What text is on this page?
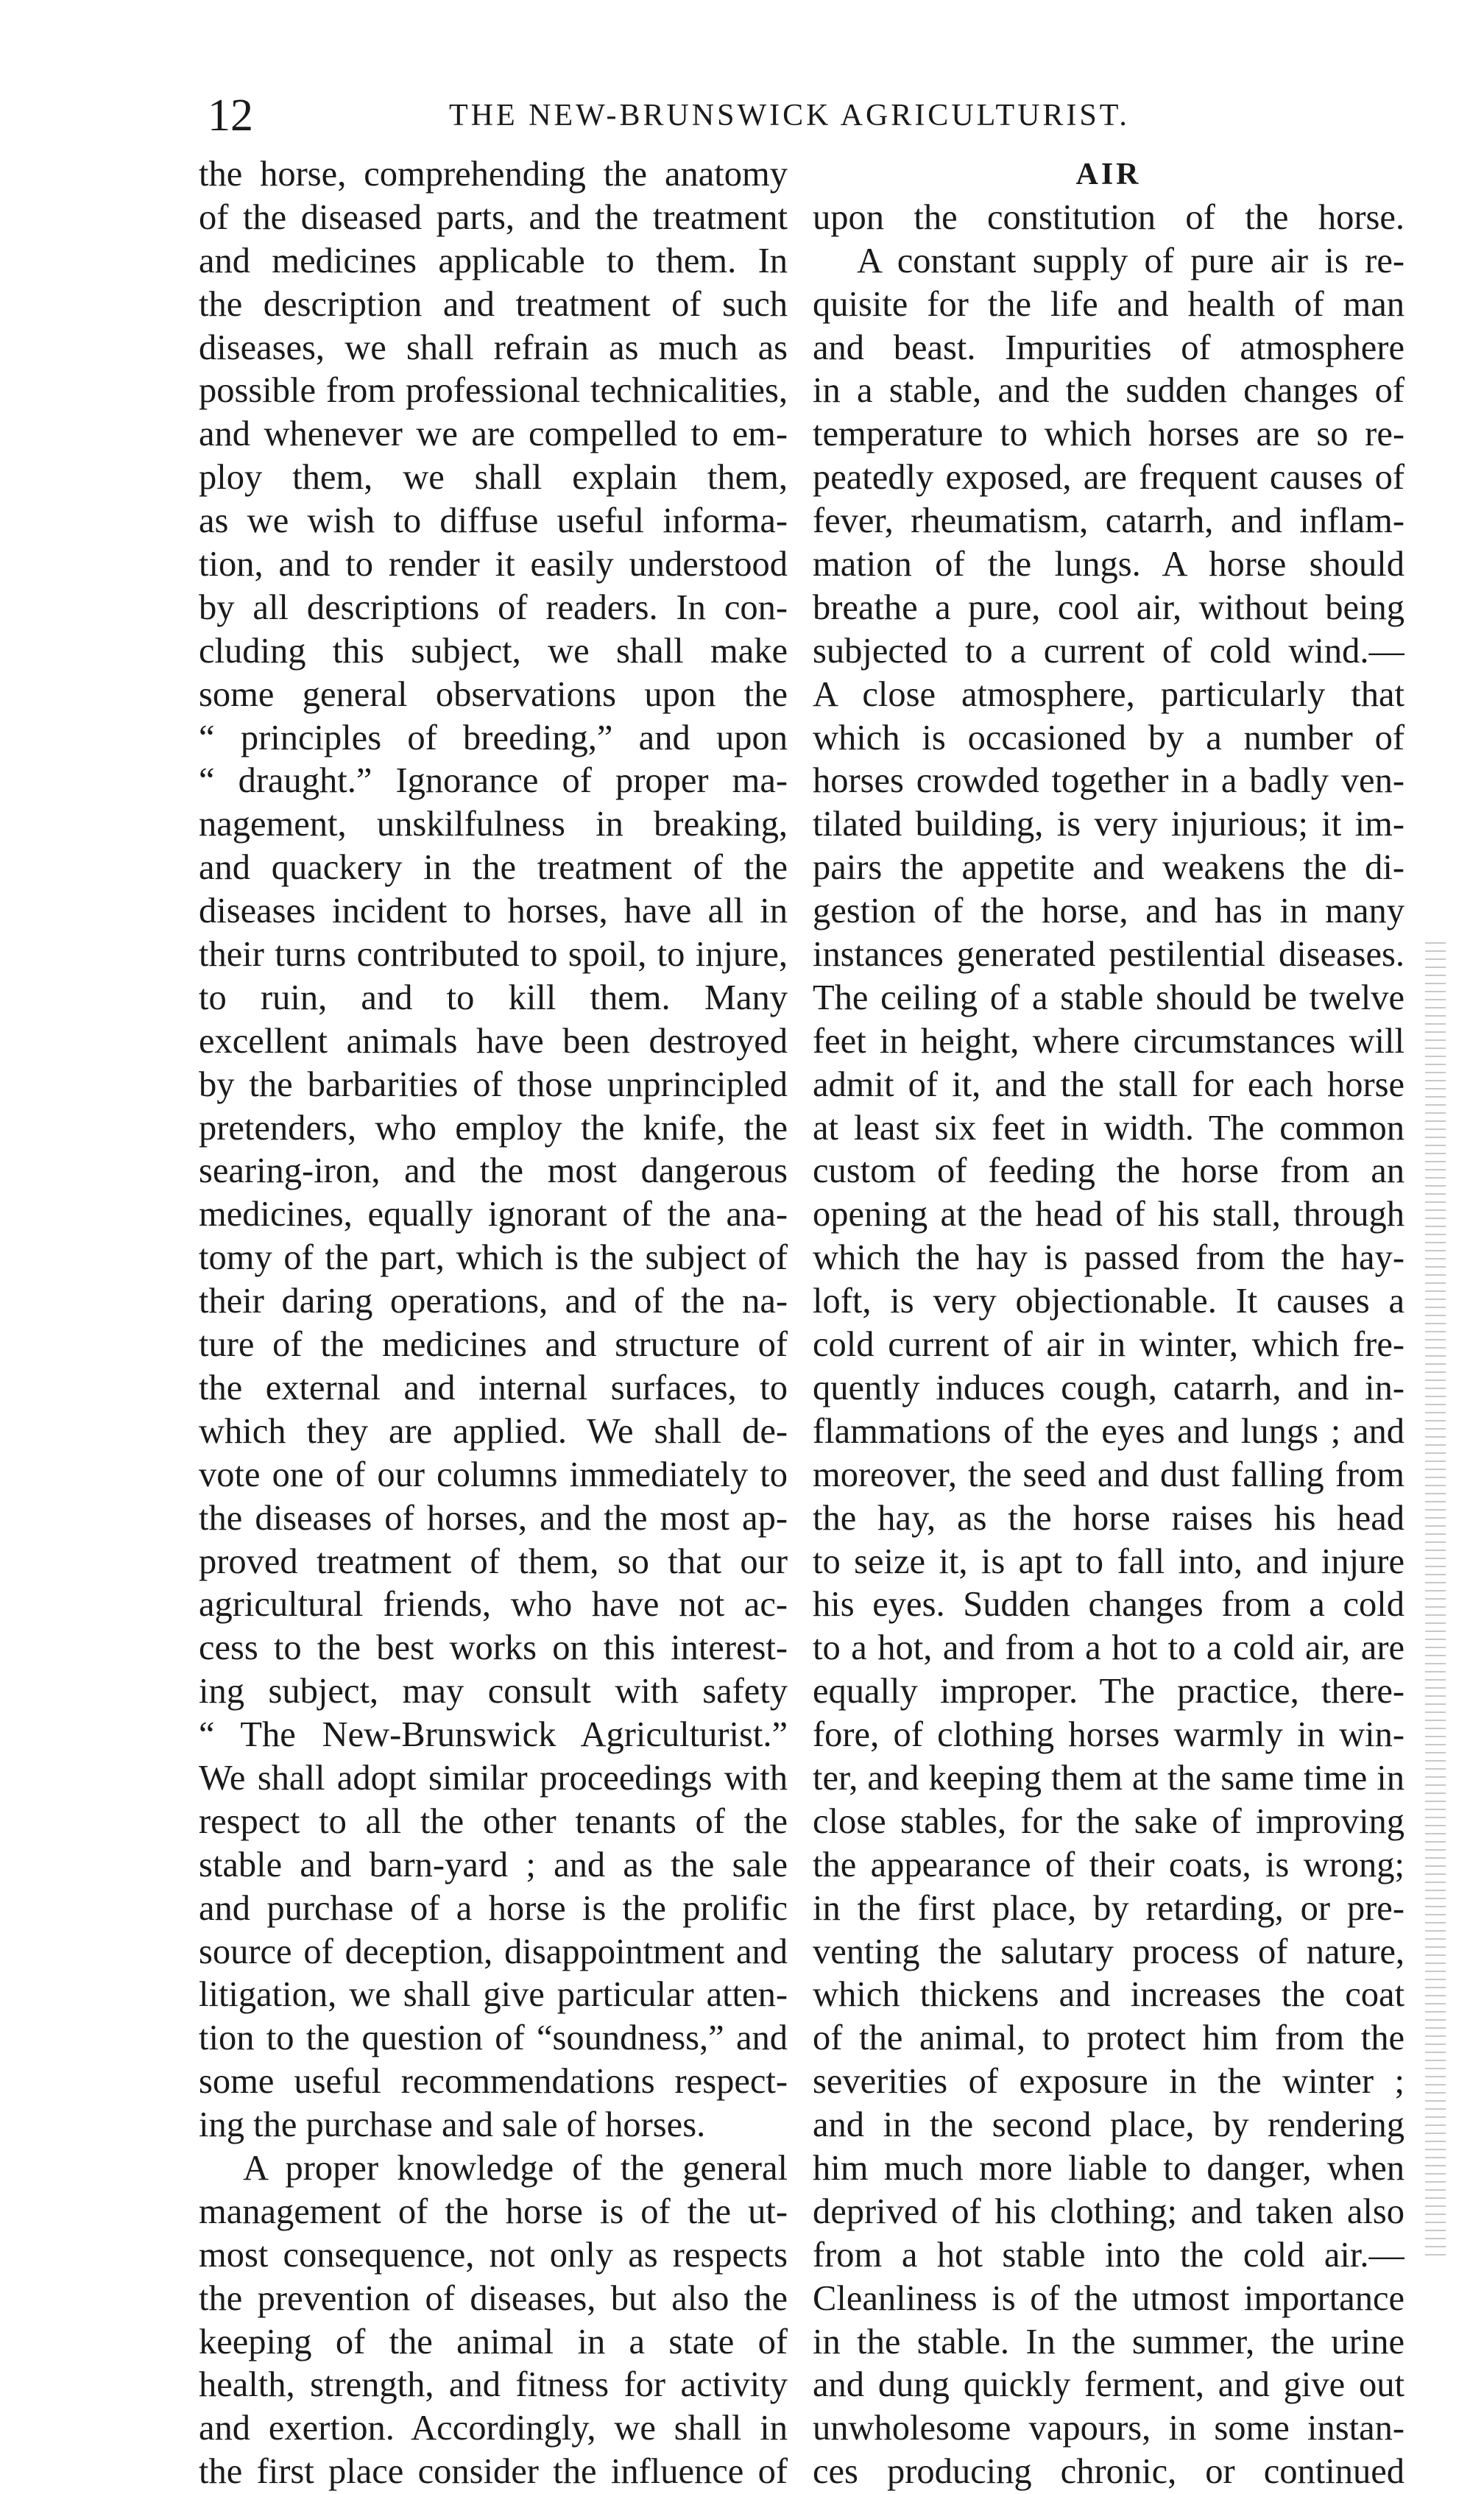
12	THE NEW-BRUNSWICK AGRICULTURIST.
the horse, comprehending the anatomy
of the diseased parts, and the treatment
and medicines applicable to them. In
the description and treatment of such
diseases, we shall refrain as much as
possible from professional technicalities,
and whenever we are compelled to em-
ploy them, we shall explain them,
as we wish to diffuse useful informa-
tion, and to render it easily understood
by all descriptions of readers. In con-
cluding this subject, we shall make
some general observations upon the
“ principles of breeding,” and upon
“ draught.” Ignorance of proper ma-
nagement, unskilfulness in breaking,
and quackery in the treatment of the
diseases incident to horses, have all in
their turns contributed to spoil, to injure,
to ruin, and to kill them. Many
excellent animals have been destroyed
by the barbarities of those unprincipled
pretenders, who employ the knife, the
searing-iron, and the most dangerous
medicines, equally ignorant of the ana-
tomy of the part, which is the subject of
their daring operations, and of the na-
ture of the medicines and structure of
the external and internal surfaces, to
which they are applied. We shall de-
vote one of our columns immediately to
the diseases of horses, and the most ap-
proved treatment of them, so that our
agricultural friends, who have not ac-
cess to the best works on this interest-
ing subject, may consult with safety
“ The New-Brunswick Agriculturist.”
We shall adopt similar proceedings with
respect to all the other tenants of the
stable and barn-yard ; and as the sale
and purchase of a horse is the prolific
source of deception, disappointment and
litigation, we shall give particular atten-
tion to the question of “soundness,” and
some useful recommendations respect-
ing the purchase and sale of horses.
A proper knowledge of the general
management of the horse is of the ut-
most consequence, not only as respects
the prevention of diseases, but also the
keeping of the animal in a state of
health, strength, and fitness for activity
and exertion. Accordingly, we shall in
the first place consider the influence of
AIR
upon the constitution of the horse.
A constant supply of pure air is re-
quisite for the life and health of man
and beast. Impurities of atmosphere
in a stable, and the sudden changes of
temperature to which horses are so re-
peatedly exposed, are frequent causes of
fever, rheumatism, catarrh, and inflam-
mation of the lungs. A horse should
breathe a pure, cool air, without being
subjected to a current of cold wind.—
A close atmosphere, particularly that
which is occasioned by a number of
horses crowded together in a badly ven-
tilated building, is very injurious; it im-
pairs the appetite and weakens the di-
gestion of the horse, and has in many
instances generated pestilential diseases.
The ceiling of a stable should be twelve
feet in height, where circumstances will
admit of it, and the stall for each horse
at least six feet in width. The common
custom of feeding the horse from an
opening at the head of his stall, through
which the hay is passed from the hay-
loft, is very objectionable. It causes a
cold current of air in winter, which fre-
quently induces cough, catarrh, and in-
flammations of the eyes and lungs ; and
moreover, the seed and dust falling from
the hay, as the horse raises his head
to seize it, is apt to fall into, and injure
his eyes. Sudden changes from a cold
to a hot, and from a hot to a cold air, are
equally improper. The practice, there-
fore, of clothing horses warmly in win-
ter, and keeping them at the same time in
close stables, for the sake of improving
the appearance of their coats, is wrong;
in the first place, by retarding, or pre-
venting the salutary process of nature,
which thickens and increases the coat
of the animal, to protect him from the
severities of exposure in the winter ;
and in the second place, by rendering
him much more liable to danger, when
deprived of his clothing; and taken also
from a hot stable into the cold air.—
Cleanliness is of the utmost importance
in the stable. In the summer, the urine
and dung quickly ferment, and give out
unwholesome vapours, in some instan-
ces producing chronic, or continued
